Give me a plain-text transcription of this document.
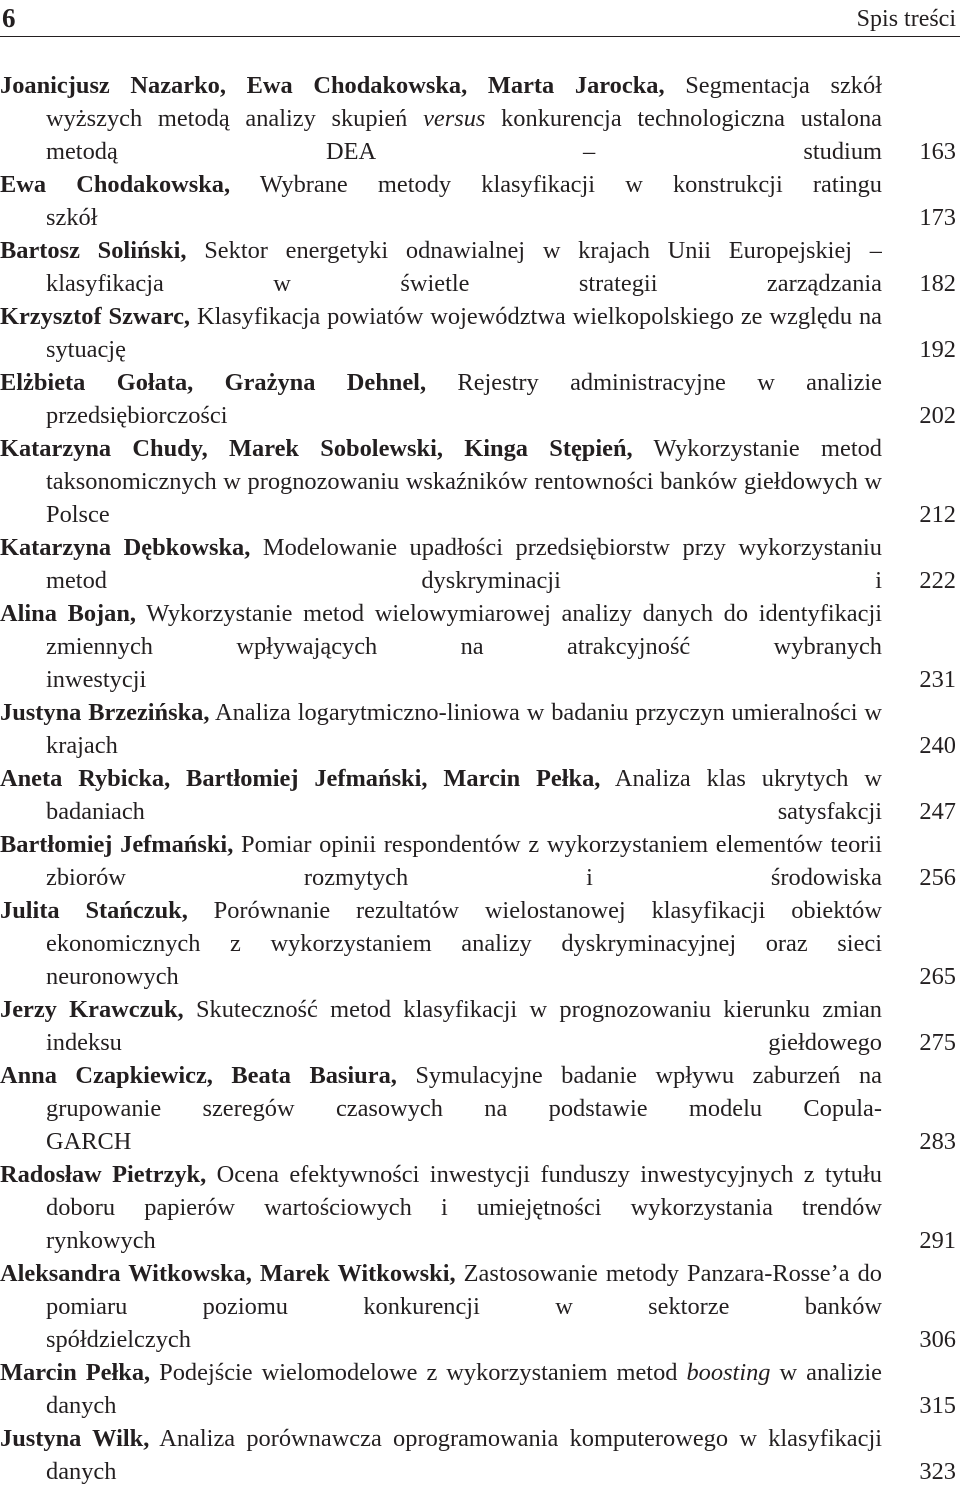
6	Spis treści
Joanicjusz Nazarko, Ewa Chodakowska, Marta Jarocka, Segmentacja szkół wyższych metodą analizy skupień versus konkurencja technologiczna ustalona metodą DEA – studium 163
Ewa Chodakowska, Wybrane metody klasyfikacji w konstrukcji ratingu szkół	173
Bartosz Soliński, Sektor energetyki odnawialnej w krajach Unii Europejskiej – klasyfikacja w świetle strategii zarządzania 182
Krzysztof Szwarc, Klasyfikacja powiatów województwa wielkopolskiego ze względu na sytuację	192
Elżbieta Gołata, Grażyna Dehnel, Rejestry administracyjne w analizie przedsiębiorczości	202
Katarzyna Chudy, Marek Sobolewski, Kinga Stępień, Wykorzystanie metod taksonomicznych w prognozowaniu wskaźników rentowności banków giełdowych w Polsce	212
Katarzyna Dębkowska, Modelowanie upadłości przedsiębiorstw przy wykorzystaniu metod dyskryminacji i 222
Alina Bojan, Wykorzystanie metod wielowymiarowej analizy danych do identyfikacji zmiennych wpływających na atrakcyjność wybranych inwestycji	231
Justyna Brzezińska, Analiza logarytmiczno-liniowa w badaniu przyczyn umieralności w krajach	240
Aneta Rybicka, Bartłomiej Jefmański, Marcin Pełka, Analiza klas ukrytych w badaniach satysfakcji 247
Bartłomiej Jefmański, Pomiar opinii respondentów z wykorzystaniem elementów teorii zbiorów rozmytych i środowiska 256
Julita Stańczuk, Porównanie rezultatów wielostanowej klasyfikacji obiektów ekonomicznych z wykorzystaniem analizy dyskryminacyjnej oraz sieci neuronowych	265
Jerzy Krawczuk, Skuteczność metod klasyfikacji w prognozowaniu kierunku zmian indeksu giełdowego 275
Anna Czapkiewicz, Beata Basiura, Symulacyjne badanie wpływu zaburzeń na grupowanie szeregów czasowych na podstawie modelu Copula-GARCH	283
Radosław Pietrzyk, Ocena efektywności inwestycji funduszy inwestycyjnych z tytułu doboru papierów wartościowych i umiejętności wykorzystania trendów rynkowych	291
Aleksandra Witkowska, Marek Witkowski, Zastosowanie metody Panzara-Rosse’a do pomiaru poziomu konkurencji w sektorze banków spółdzielczych	306
Marcin Pełka, Podejście wielomodelowe z wykorzystaniem metod boosting w analizie danych	315
Justyna Wilk, Analiza porównawcza oprogramowania komputerowego w klasyfikacji danych	323
